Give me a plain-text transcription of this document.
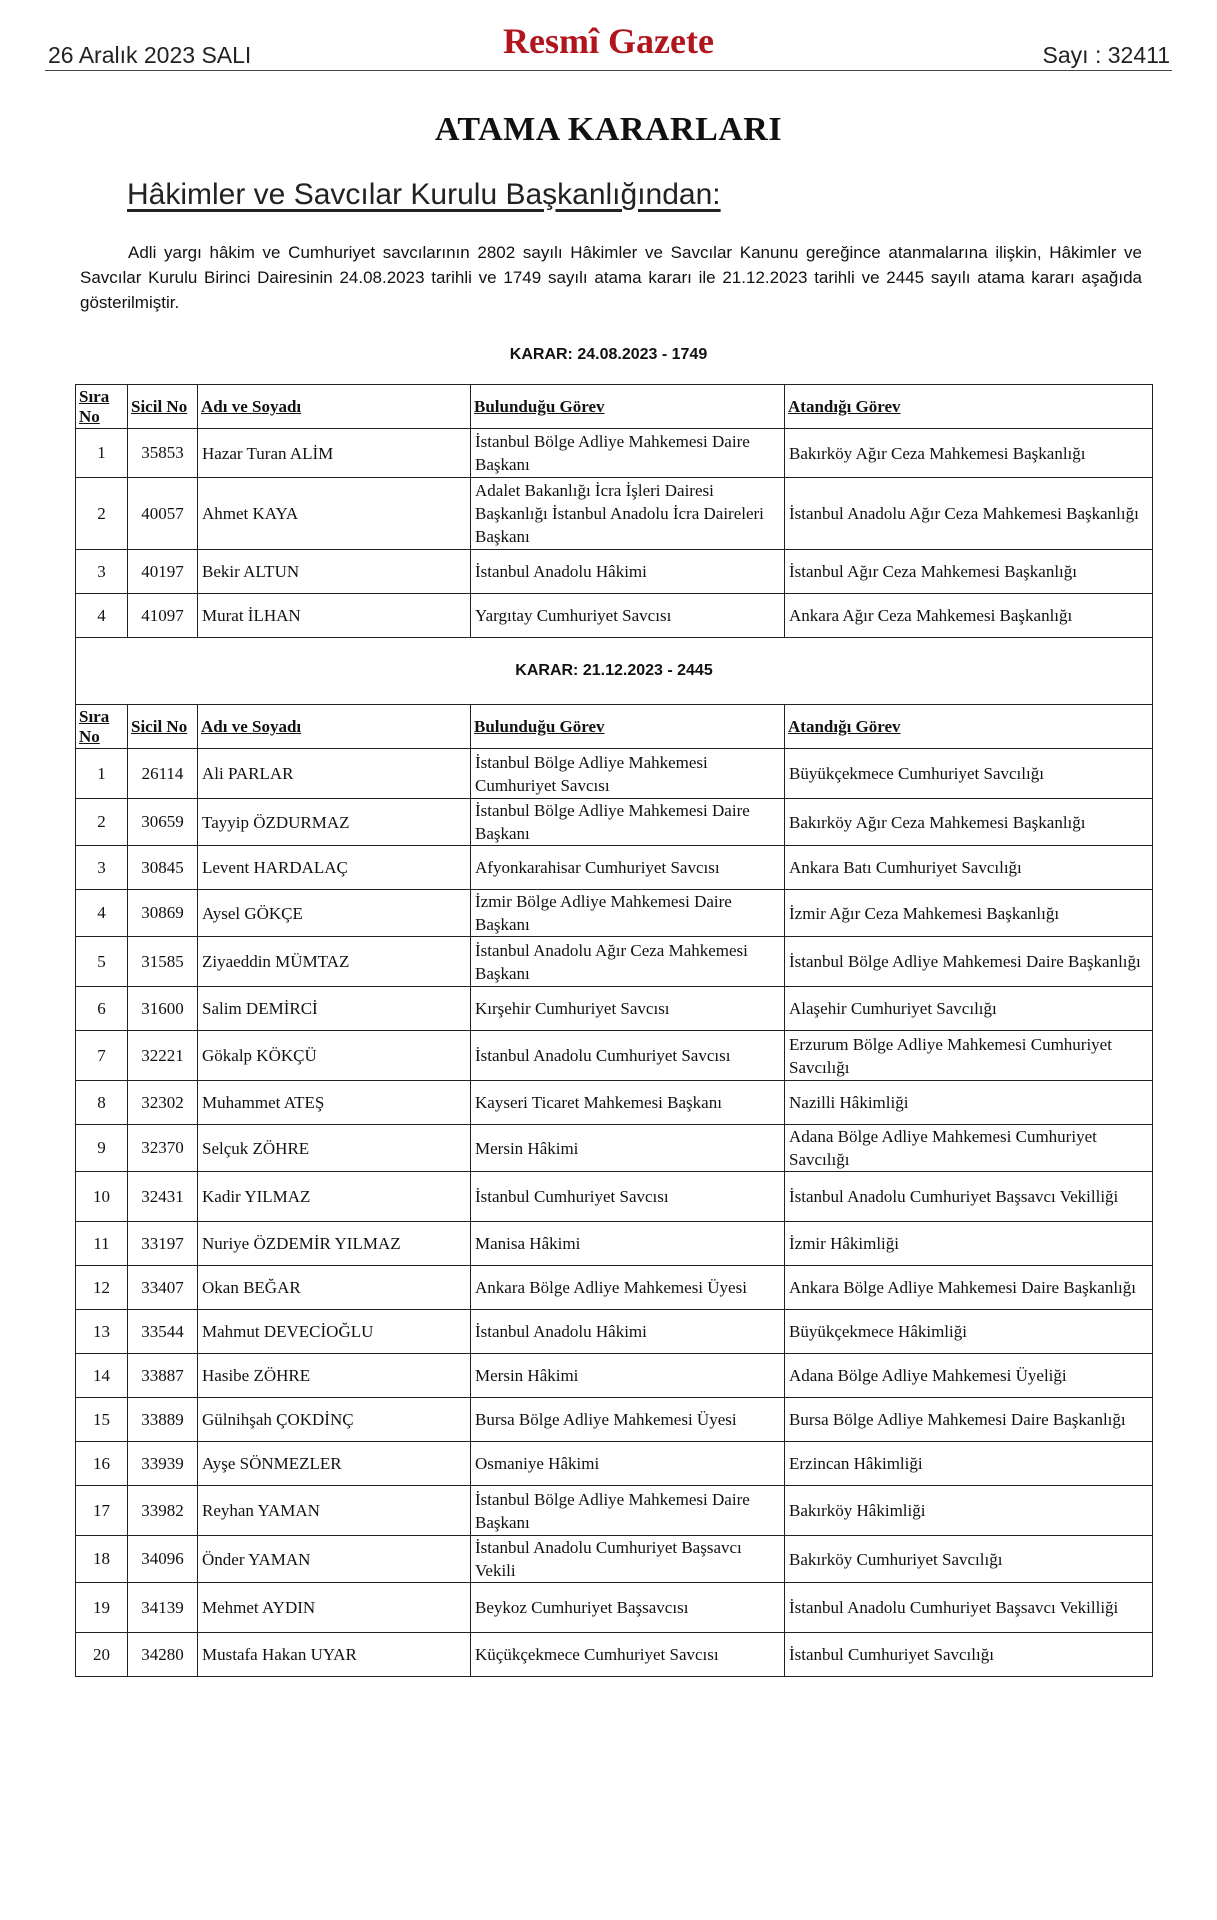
26 Aralık 2023 SALI	Resmî Gazete	Sayı : 32411
ATAMA KARARLARI
Hâkimler ve Savcılar Kurulu Başkanlığından:
Adli yargı hâkim ve Cumhuriyet savcılarının 2802 sayılı Hâkimler ve Savcılar Kanunu gereğince atanmalarına ilişkin, Hâkimler ve Savcılar Kurulu Birinci Dairesinin 24.08.2023 tarihli ve 1749 sayılı atama kararı ile 21.12.2023 tarihli ve 2445 sayılı atama kararı aşağıda gösterilmiştir.
KARAR: 24.08.2023 - 1749
Sıra No	Sicil No	Adı ve Soyadı	Bulunduğu Görev	Atandığı Görev
1	35853	Hazar Turan ALİM	İstanbul Bölge Adliye Mahkemesi Daire Başkanı	Bakırköy Ağır Ceza Mahkemesi Başkanlığı
2	40057	Ahmet KAYA	Adalet Bakanlığı İcra İşleri Dairesi Başkanlığı İstanbul Anadolu İcra Daireleri Başkanı	İstanbul Anadolu Ağır Ceza Mahkemesi Başkanlığı
3	40197	Bekir ALTUN	İstanbul Anadolu Hâkimi	İstanbul Ağır Ceza Mahkemesi Başkanlığı
4	41097	Murat İLHAN	Yargıtay Cumhuriyet Savcısı	Ankara Ağır Ceza Mahkemesi Başkanlığı
KARAR: 21.12.2023 - 2445				
Sıra No	Sicil No	Adı ve Soyadı	Bulunduğu Görev	Atandığı Görev
1	26114	Ali PARLAR	İstanbul Bölge Adliye Mahkemesi Cumhuriyet Savcısı	Büyükçekmece Cumhuriyet Savcılığı
2	30659	Tayyip ÖZDURMAZ	İstanbul Bölge Adliye Mahkemesi Daire Başkanı	Bakırköy Ağır Ceza Mahkemesi Başkanlığı
3	30845	Levent HARDALAÇ	Afyonkarahisar Cumhuriyet Savcısı	Ankara Batı Cumhuriyet Savcılığı
4	30869	Aysel GÖKÇE	İzmir Bölge Adliye Mahkemesi Daire Başkanı	İzmir Ağır Ceza Mahkemesi Başkanlığı
5	31585	Ziyaeddin MÜMTAZ	İstanbul Anadolu Ağır Ceza Mahkemesi Başkanı	İstanbul Bölge Adliye Mahkemesi Daire Başkanlığı
6	31600	Salim DEMİRCİ	Kırşehir Cumhuriyet Savcısı	Alaşehir Cumhuriyet Savcılığı
7	32221	Gökalp KÖKÇÜ	İstanbul Anadolu Cumhuriyet Savcısı	Erzurum Bölge Adliye Mahkemesi Cumhuriyet Savcılığı
8	32302	Muhammet ATEŞ	Kayseri Ticaret Mahkemesi Başkanı	Nazilli Hâkimliği
9	32370	Selçuk ZÖHRE	Mersin Hâkimi	Adana Bölge Adliye Mahkemesi Cumhuriyet Savcılığı
10	32431	Kadir YILMAZ	İstanbul Cumhuriyet Savcısı	İstanbul Anadolu Cumhuriyet Başsavcı Vekilliği
11	33197	Nuriye ÖZDEMİR YILMAZ	Manisa Hâkimi	İzmir Hâkimliği
12	33407	Okan BEĞAR	Ankara Bölge Adliye Mahkemesi Üyesi	Ankara Bölge Adliye Mahkemesi Daire Başkanlığı
13	33544	Mahmut DEVECİOĞLU	İstanbul Anadolu Hâkimi	Büyükçekmece Hâkimliği
14	33887	Hasibe ZÖHRE	Mersin Hâkimi	Adana Bölge Adliye Mahkemesi Üyeliği
15	33889	Gülnihşah ÇOKDİNÇ	Bursa Bölge Adliye Mahkemesi Üyesi	Bursa Bölge Adliye Mahkemesi Daire Başkanlığı
16	33939	Ayşe SÖNMEZLER	Osmaniye Hâkimi	Erzincan Hâkimliği
17	33982	Reyhan YAMAN	İstanbul Bölge Adliye Mahkemesi Daire Başkanı	Bakırköy Hâkimliği
18	34096	Önder YAMAN	İstanbul Anadolu Cumhuriyet Başsavcı Vekili	Bakırköy Cumhuriyet Savcılığı
19	34139	Mehmet AYDIN	Beykoz Cumhuriyet Başsavcısı	İstanbul Anadolu Cumhuriyet Başsavcı Vekilliği
20	34280	Mustafa Hakan UYAR	Küçükçekmece Cumhuriyet Savcısı	İstanbul Cumhuriyet Savcılığı
